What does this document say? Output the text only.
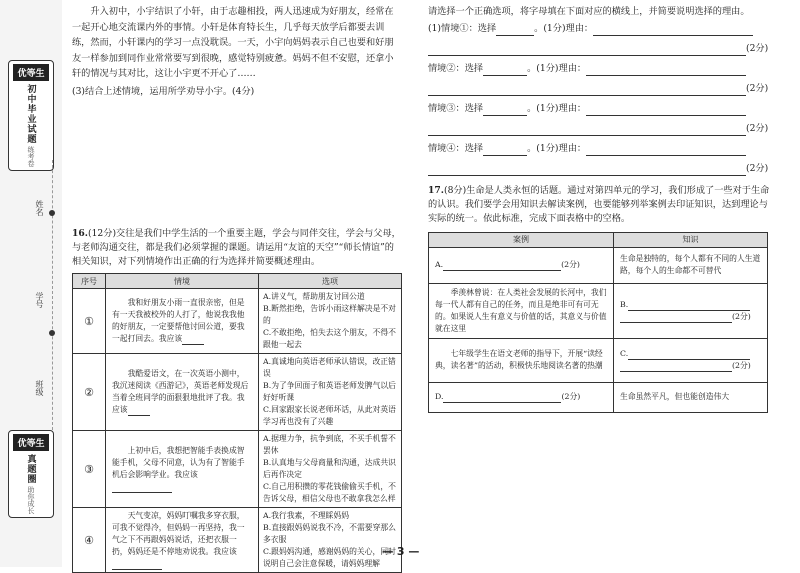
优等生
初中毕业试题
练考卷
姓名
学号
班级
优等生
真题圈
助你成长

升入初中，小宇结识了小轩，由于志趣相投，两人迅速成为好朋友，经常在一起开心地交流课内外的事情。小轩是体育特长生，几乎每天放学后都要去训练，然而，小轩课内的学习一点没耽误。一天，小宇向妈妈表示自己也要和好朋友一样参加到同作业常常要写到很晚，感觉特别疲惫。妈妈不但不安慰，还拿小轩的情况与其对比，这让小宇更不开心了……

(3)结合上述情境，运用所学劝导小宇。(4分)

16.(12分)交往是我们中学生活的一个重要主题，学会与同伴交往，学会与父母，与老师沟通交往，都是我们必须掌握的课题。请运用“友谊的天空”“师长情谊”的相关知识，对下列情境作出正确的行为选择并简要概述理由。

序号	情境	选项
①	我和好朋友小雨一直很亲密，但是有一天我被校外的人打了，他说我我他的好朋友，一定要帮他讨回公道，要我一起打回去。我应该	A.讲义气，帮助朋友讨回公道
B.断然拒绝，告诉小雨这样解决是不对的
C.不敢拒绝，怕失去这个朋友，不得不跟他一起去

②	我酷爱语文，在一次英语小测中，我沉迷阅读《西游记》，英语老师发现后当着全班同学的面狠狠地批评了我。我应该	A.真诚地向英语老师承认错误，改正错误
B.为了争回面子和英语老师发脾气以后好好听课
C.回家跟家长说老师坏话，从此对英语学习再也没有了兴趣

③	上初中后，我想把智能手表换成智能手机，父母不同意，认为有了智能手机后会影响学业。我应该	A.据理力争，抗争到底，不买手机誓不罢休
B.认真地与父母商量和沟通，达成共识后再作决定
C.自己用积攒的零花钱偷偷买手机，不告诉父母，相信父母也不敢拿我怎么样

④	天气变凉，妈妈叮嘱我多穿衣服，可我不觉得冷，但妈妈一再坚持，我一气之下不再跟妈妈说话，还把衣服一扔，妈妈还是不停地劝说我。我应该	A.我行我素，不理睬妈妈
B.直接跟妈妈说我不冷，不需要穿那么多衣服
C.跟妈妈沟通，感谢妈妈的关心，同时说明自己会注意保暖，请妈妈理解

请选择一个正确选项，将字母填在下面对应的横线上，并简要说明选择的理由。

(1)情境①：选择	。(1分)理由：
(2分)
情境②：选择	。(1分)理由：
(2分)
情境③：选择	。(1分)理由：
(2分)
情境④：选择	。(1分)理由：
(2分)

17.(8分)生命是人类永恒的话题。通过对第四单元的学习，我们形成了一些对于生命的认识。我们要学会用知识去解读案例，也要能够列举案例去印证知识，达到理论与实际的统一。依此标准，完成下面表格中的空格。

案例	知识
A. (2分)	生命是独特的，每个人都有不同的人生道路，每个人的生命都不可替代
季羡林曾说：在人类社会发展的长河中，我们每一代人都有自己的任务，而且是绝非可有可无的。如果说人生有意义与价值的话，其意义与价值就在这里	B.
(2分)
七年级学生在语文老师的指导下，开展“读经典，读名著”的活动，积极快乐地阅读名著的热潮	C.
(2分)
D. (2分)	生命虽然平凡，但也能创造伟大
— 3 —
